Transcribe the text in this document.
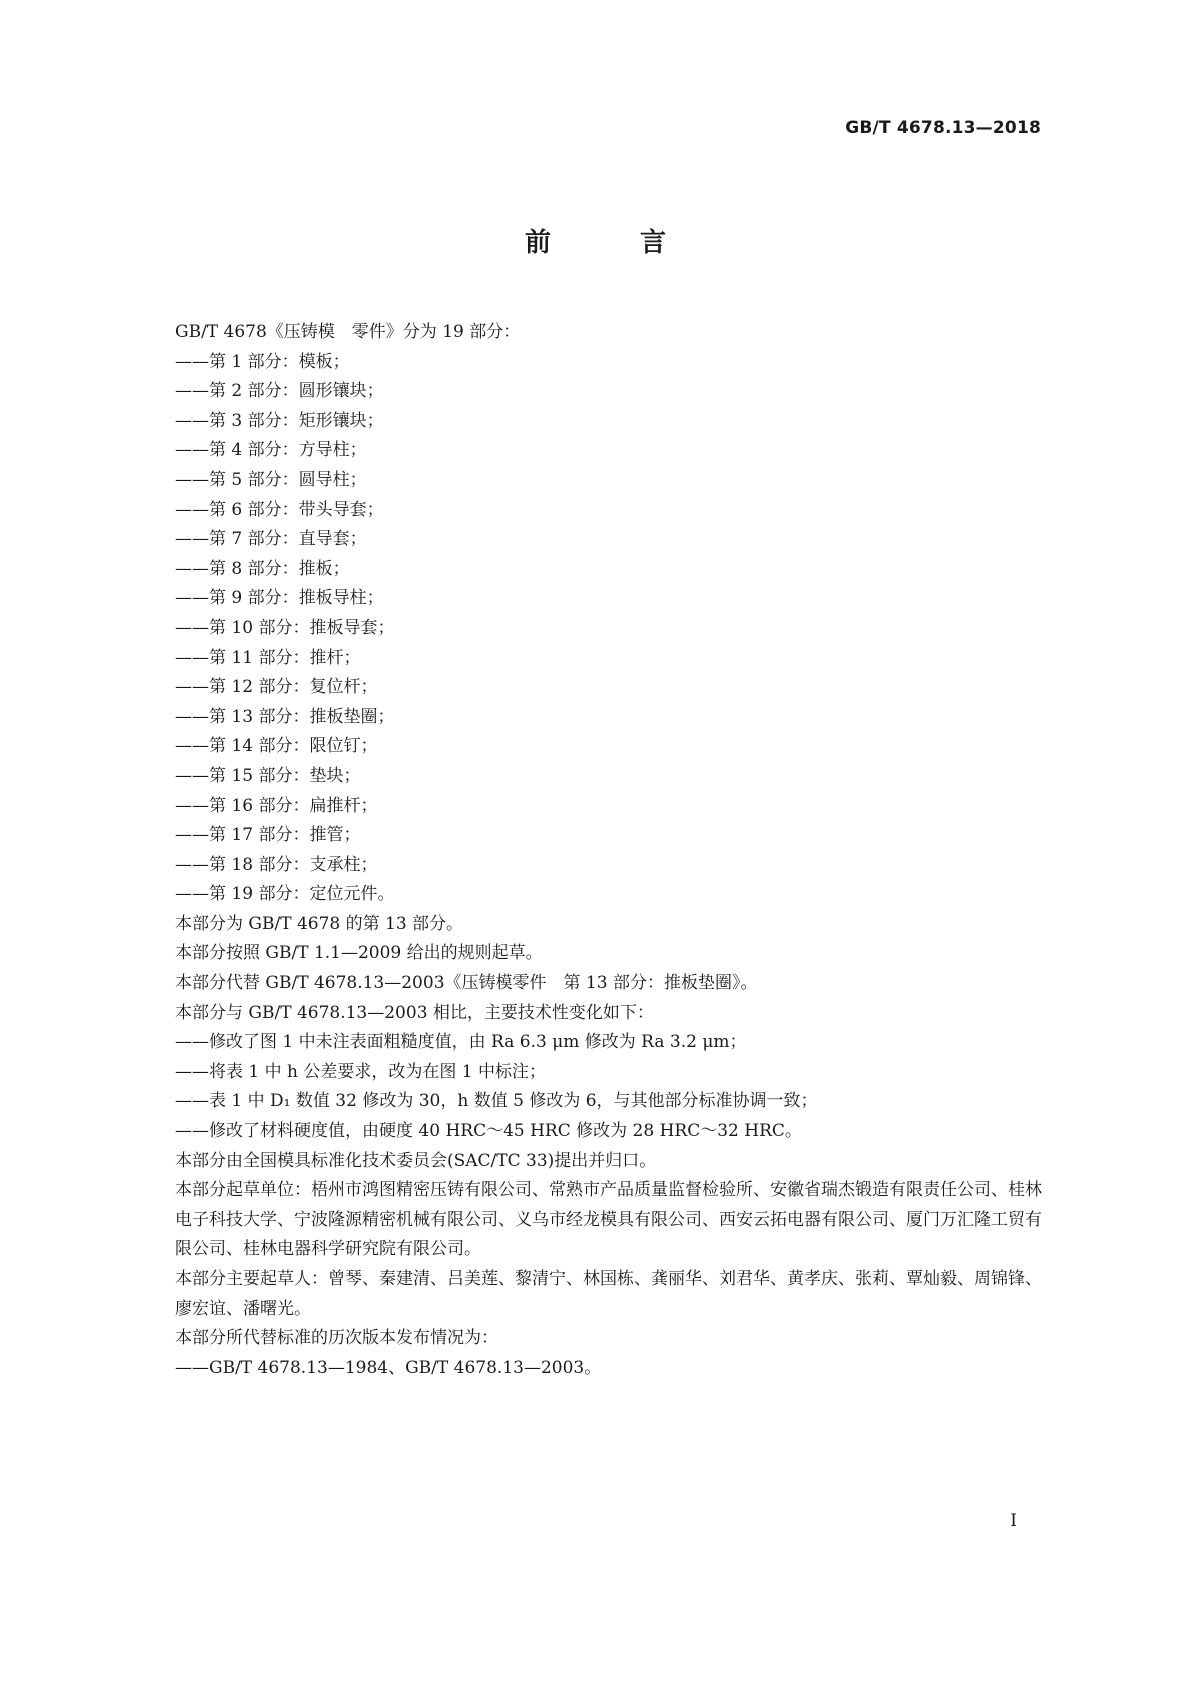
GB/T 4678.13—2018
前 言

GB/T 4678《压铸模　零件》分为 19 部分：

——第 1 部分：模板；

——第 2 部分：圆形镶块；

——第 3 部分：矩形镶块；

——第 4 部分：方导柱；

——第 5 部分：圆导柱；

——第 6 部分：带头导套；

——第 7 部分：直导套；

——第 8 部分：推板；

——第 9 部分：推板导柱；

——第 10 部分：推板导套；

——第 11 部分：推杆；

——第 12 部分：复位杆；

——第 13 部分：推板垫圈；

——第 14 部分：限位钉；

——第 15 部分：垫块；

——第 16 部分：扁推杆；

——第 17 部分：推管；

——第 18 部分：支承柱；

——第 19 部分：定位元件。

本部分为 GB/T 4678 的第 13 部分。

本部分按照 GB/T 1.1—2009 给出的规则起草。

本部分代替 GB/T 4678.13—2003《压铸模零件　第 13 部分：推板垫圈》。

本部分与 GB/T 4678.13—2003 相比，主要技术性变化如下：

——修改了图 1 中未注表面粗糙度值，由 Ra 6.3 μm 修改为 Ra 3.2 μm；

——将表 1 中 h 公差要求，改为在图 1 中标注；

——表 1 中 D₁ 数值 32 修改为 30，h 数值 5 修改为 6，与其他部分标准协调一致；

——修改了材料硬度值，由硬度 40 HRC～45 HRC 修改为 28 HRC～32 HRC。

本部分由全国模具标准化技术委员会(SAC/TC 33)提出并归口。

本部分起草单位：梧州市鸿图精密压铸有限公司、常熟市产品质量监督检验所、安徽省瑞杰锻造有限责任公司、桂林电子科技大学、宁波隆源精密机械有限公司、义乌市经龙模具有限公司、西安云拓电器有限公司、厦门万汇隆工贸有限公司、桂林电器科学研究院有限公司。

本部分主要起草人：曾琴、秦建清、吕美莲、黎清宁、林国栋、龚丽华、刘君华、黄孝庆、张莉、覃灿毅、周锦锋、廖宏谊、潘曙光。

本部分所代替标准的历次版本发布情况为：

——GB/T 4678.13—1984、GB/T 4678.13—2003。

I
